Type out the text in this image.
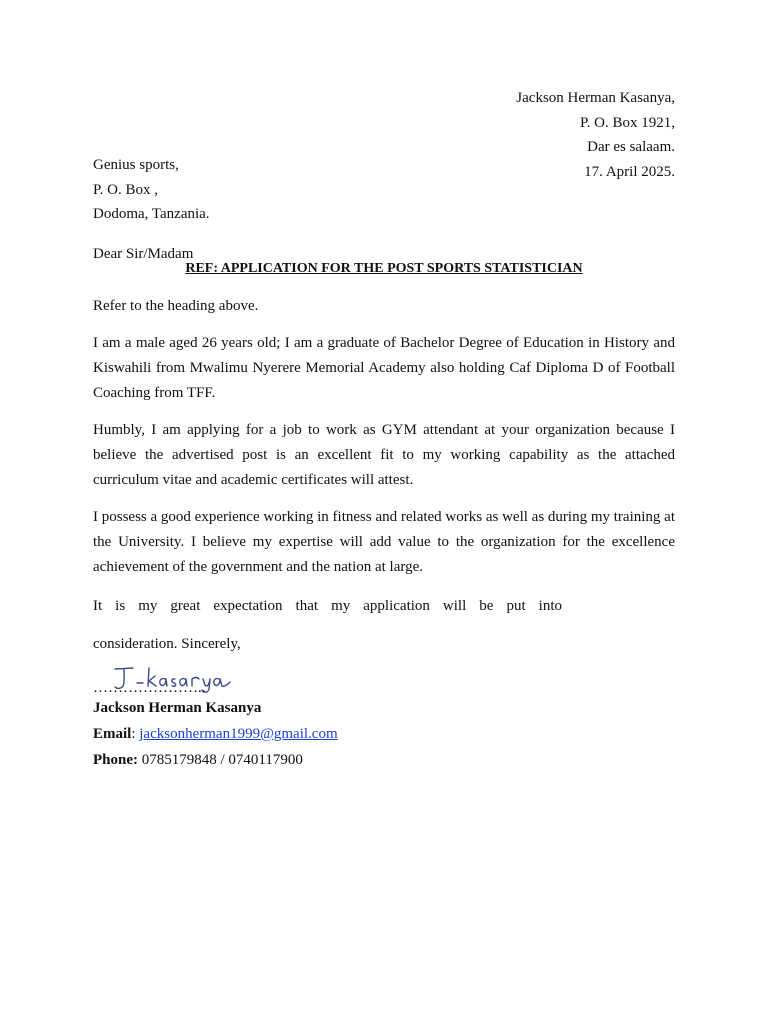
Jackson Herman Kasanya,
P. O. Box 1921,
Dar es salaam.
17. April 2025.
Genius sports,
P. O. Box ,
Dodoma, Tanzania.
Dear Sir/Madam
REF: APPLICATION FOR THE POST SPORTS STATISTICIAN

Refer to the heading above.

I am a male aged 26 years old; I am a graduate of Bachelor Degree of Education in History and Kiswahili from Mwalimu Nyerere Memorial Academy also holding Caf Diploma D of Football Coaching from TFF.

Humbly, I am applying for a job to work as GYM attendant at your organization because I believe the advertised post is an excellent fit to my working capability as the attached curriculum vitae and academic certificates will attest.

I possess a good experience working in fitness and related works as well as during my training at the University. I believe my expertise will add value to the organization for the excellence achievement of the government and the nation at large.

It is my great expectation that my application will be put into
consideration. Sincerely,
…………………..
Jackson Herman Kasanya
Email: jacksonherman1999@gmail.com
Phone: 0785179848 / 0740117900
